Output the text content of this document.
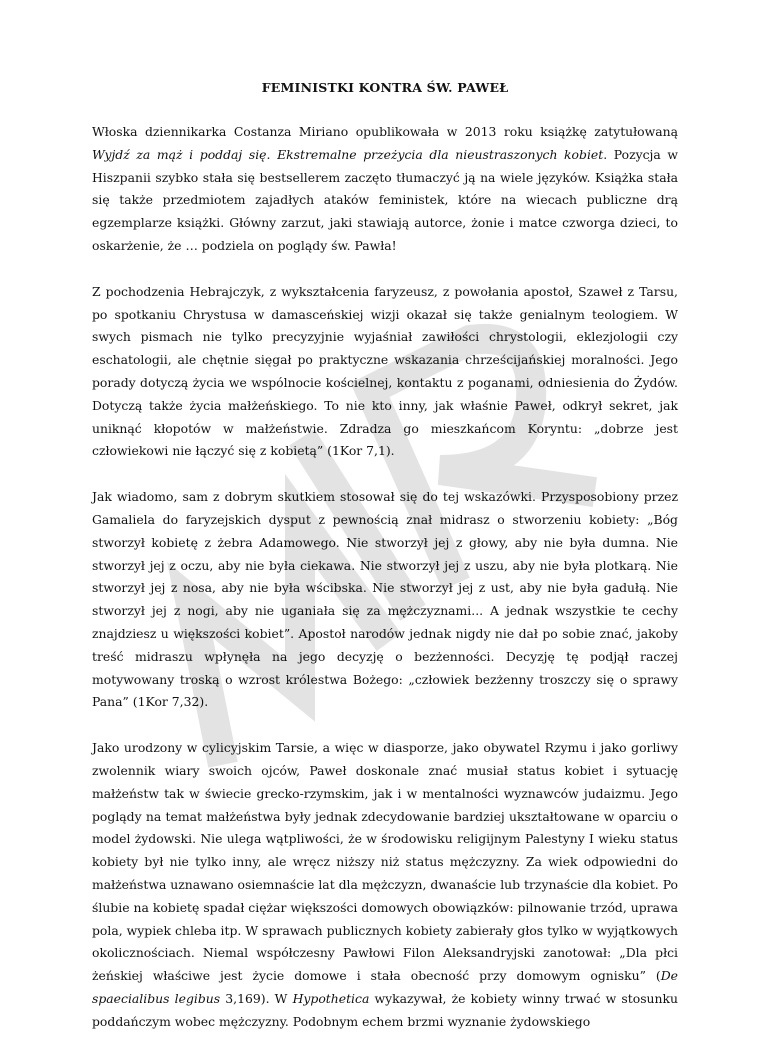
FEMINISTKI KONTRA ŚW. PAWEŁ

Włoska dziennikarka Costanza Miriano opublikowała w 2013 roku książkę zatytułowaną Wyjdź za mąż i poddaj się. Ekstremalne przeżycia dla nieustraszonych kobiet. Pozycja w Hiszpanii szybko stała się bestsellerem zaczęto tłumaczyć ją na wiele języków. Książka stała się także przedmiotem zajadłych ataków feministek, które na wiecach publiczne drą egzemplarze książki. Główny zarzut, jaki stawiają autorce, żonie i matce czworga dzieci, to oskarżenie, że … podziela on poglądy św. Pawła!

Z pochodzenia Hebrajczyk, z wykształcenia faryzeusz, z powołania apostoł, Szaweł z Tarsu, po spotkaniu Chrystusa w damasceńskiej wizji okazał się także genialnym teologiem. W swych pismach nie tylko precyzyjnie wyjaśniał zawiłości chrystologii, eklezjologii czy eschatologii, ale chętnie sięgał po praktyczne wskazania chrześcijańskiej moralności. Jego porady dotyczą życia we wspólnocie kościelnej, kontaktu z poganami, odniesienia do Żydów. Dotyczą także życia małżeńskiego. To nie kto inny, jak właśnie Paweł, odkrył sekret, jak uniknąć kłopotów w małżeństwie. Zdradza go mieszkańcom Koryntu: „dobrze jest człowiekowi nie łączyć się z kobietą” (1Kor 7,1).

Jak wiadomo, sam z dobrym skutkiem stosował się do tej wskazówki. Przysposobiony przez Gamaliela do faryzejskich dysput z pewnością znał midrasz o stworzeniu kobiety: „Bóg stworzył kobietę z żebra Adamowego. Nie stworzył jej z głowy, aby nie była dumna. Nie stworzył jej z oczu, aby nie była ciekawa. Nie stworzył jej z uszu, aby nie była plotkarą. Nie stworzył jej z nosa, aby nie była wścibska. Nie stworzył jej z ust, aby nie była gadułą. Nie stworzył jej z nogi, aby nie uganiała się za mężczyznami... A jednak wszystkie te cechy znajdziesz u większości kobiet”. Apostoł narodów jednak nigdy nie dał po sobie znać, jakoby treść midraszu wpłynęła na jego decyzję o bezżenności. Decyzję tę podjął raczej motywowany troską o wzrost królestwa Bożego: „człowiek bezżenny troszczy się o sprawy Pana” (1Kor 7,32).

Jako urodzony w cylicyjskim Tarsie, a więc w diasporze, jako obywatel Rzymu i jako gorliwy zwolennik wiary swoich ojców, Paweł doskonale znać musiał status kobiet i sytuację małżeństw tak w świecie grecko-rzymskim, jak i w mentalności wyznawców judaizmu. Jego poglądy na temat małżeństwa były jednak zdecydowanie bardziej ukształtowane w oparciu o model żydowski. Nie ulega wątpliwości, że w środowisku religijnym Palestyny I wieku status kobiety był nie tylko inny, ale wręcz niższy niż status mężczyzny. Za wiek odpowiedni do małżeństwa uznawano osiemnaście lat dla mężczyzn, dwanaście lub trzynaście dla kobiet. Po ślubie na kobietę spadał ciężar większości domowych obowiązków: pilnowanie trzód, uprawa pola, wypiek chleba itp. W sprawach publicznych kobiety zabierały głos tylko w wyjątkowych okolicznościach. Niemal współczesny Pawłowi Filon Aleksandryjski zanotował: „Dla płci żeńskiej właściwe jest życie domowe i stała obecność przy domowym ognisku” (De spaecialibus legibus 3,169). W Hypothetica wykazywał, że kobiety winny trwać w stosunku poddańczym wobec mężczyzny. Podobnym echem brzmi wyznanie żydowskiego
